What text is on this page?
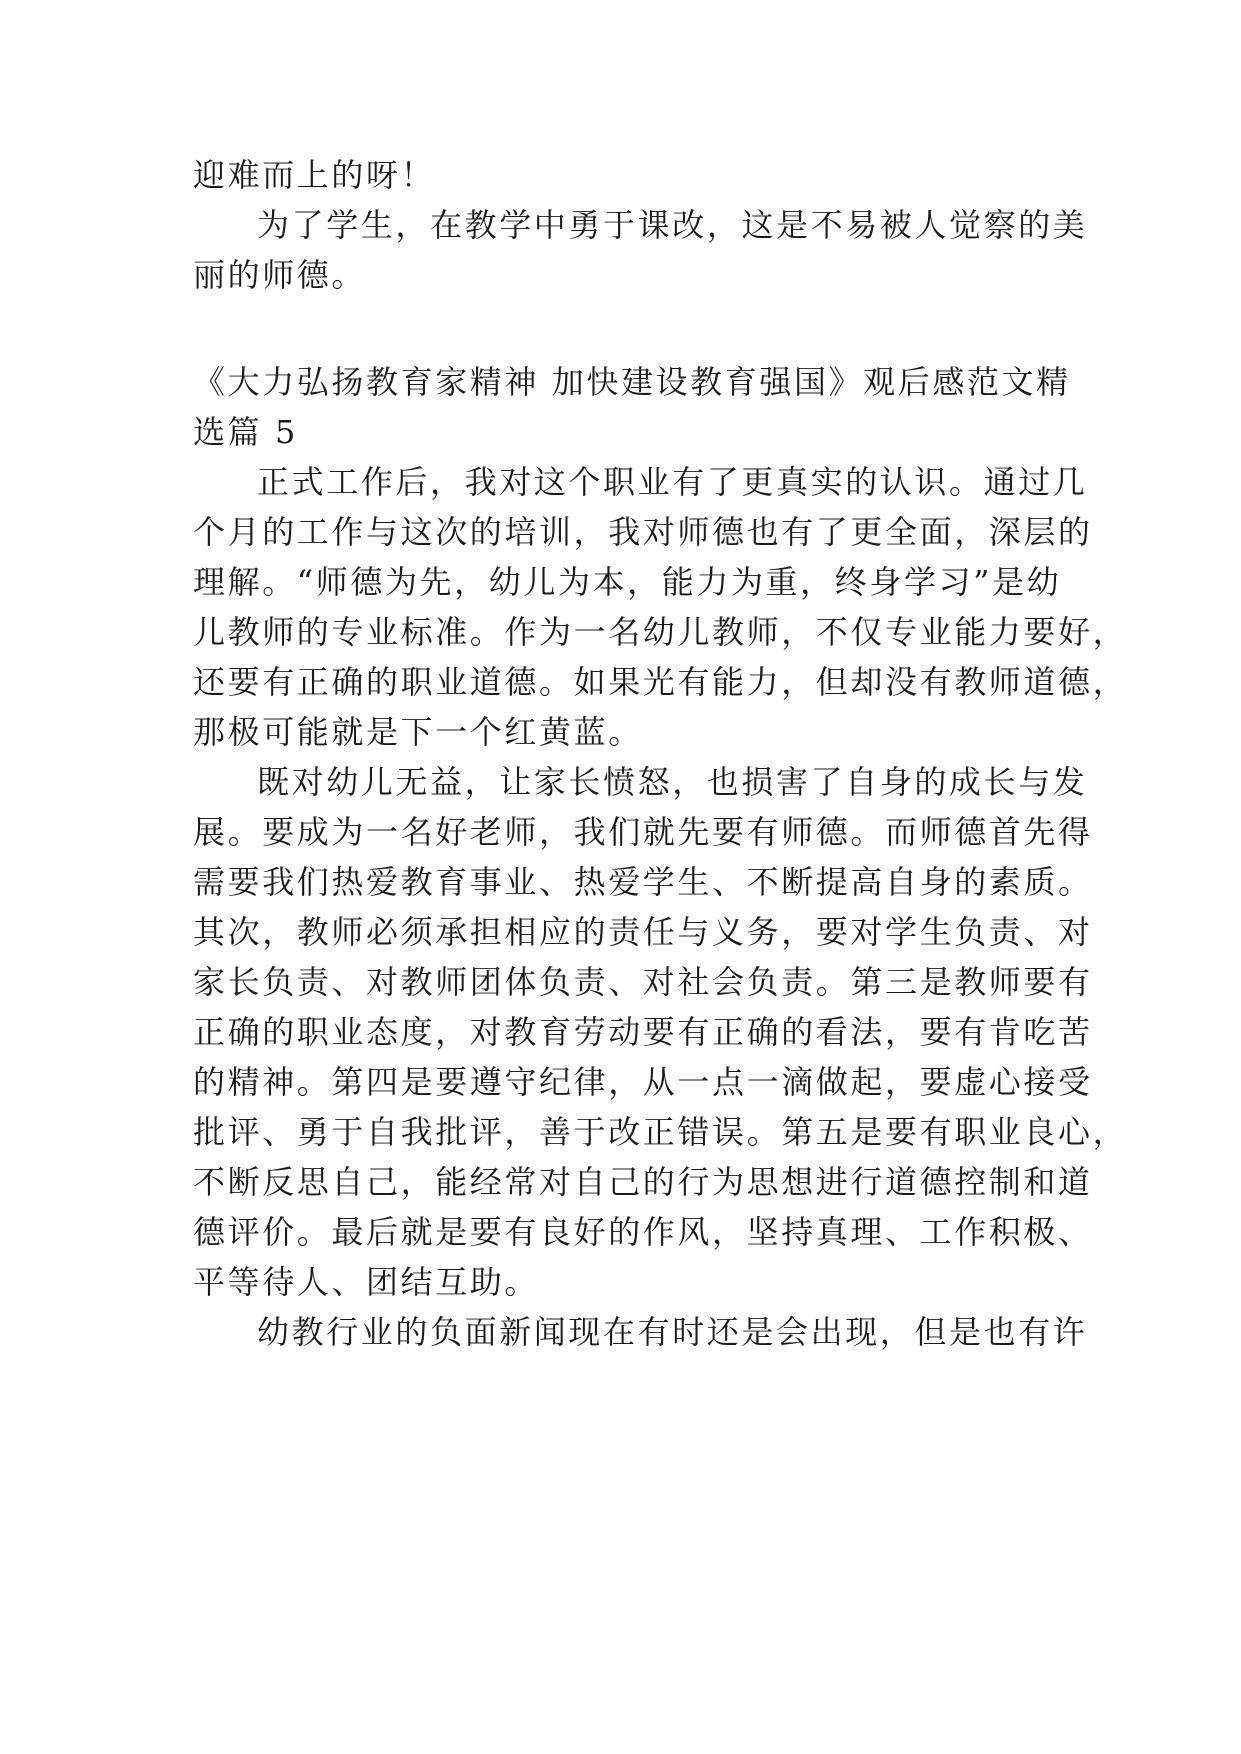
迎难而上的呀！
为了学生，在教学中勇于课改，这是不易被人觉察的美
丽的师德。
《大力弘扬教育家精神 加快建设教育强国》观后感范文精
选篇 5
正式工作后，我对这个职业有了更真实的认识。通过几
个月的工作与这次的培训，我对师德也有了更全面，深层的
理解。“师德为先，幼儿为本，能力为重，终身学习”是幼
儿教师的专业标准。作为一名幼儿教师，不仅专业能力要好，
还要有正确的职业道德。如果光有能力，但却没有教师道德，
那极可能就是下一个红黄蓝。
既对幼儿无益，让家长愤怒，也损害了自身的成长与发
展。要成为一名好老师，我们就先要有师德。而师德首先得
需要我们热爱教育事业、热爱学生、不断提高自身的素质。
其次，教师必须承担相应的责任与义务，要对学生负责、对
家长负责、对教师团体负责、对社会负责。第三是教师要有
正确的职业态度，对教育劳动要有正确的看法，要有肯吃苦
的精神。第四是要遵守纪律，从一点一滴做起，要虚心接受
批评、勇于自我批评，善于改正错误。第五是要有职业良心，
不断反思自己，能经常对自己的行为思想进行道德控制和道
德评价。最后就是要有良好的作风，坚持真理、工作积极、
平等待人、团结互助。
幼教行业的负面新闻现在有时还是会出现，但是也有许
